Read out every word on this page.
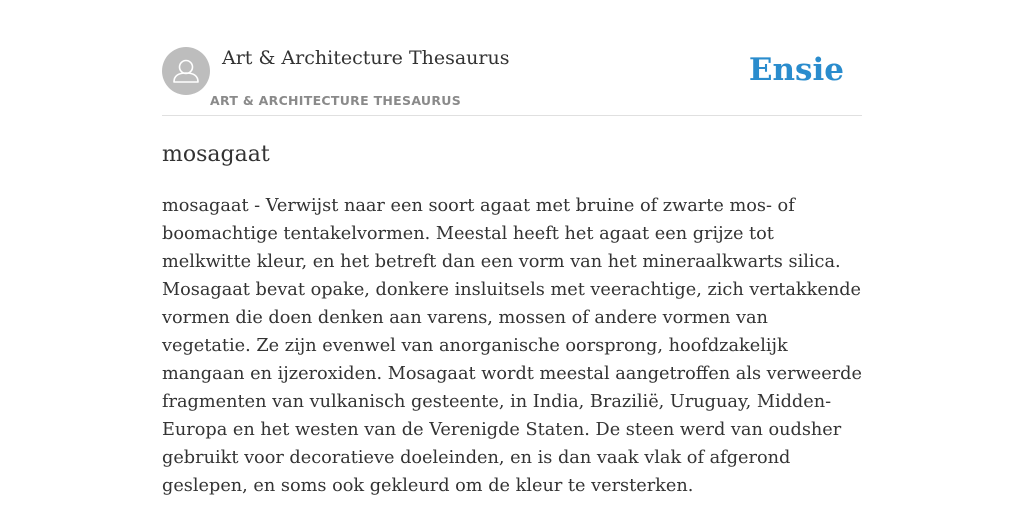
Art & Architecture Thesaurus
ART & ARCHITECTURE THESAURUS
Ensie
mosagaat

mosagaat - Verwijst naar een soort agaat met bruine of zwarte mos- of boomachtige tentakelvormen. Meestal heeft het agaat een grijze tot melkwitte kleur, en het betreft dan een vorm van het mineraalkwarts silica. Mosagaat bevat opake, donkere insluitsels met veerachtige, zich vertakkende vormen die doen denken aan varens, mossen of andere vormen van vegetatie. Ze zijn evenwel van anorganische oorsprong, hoofdzakelijk mangaan en ijzeroxiden. Mosagaat wordt meestal aangetroffen als verweerde fragmenten van vulkanisch gesteente, in India, Brazilië, Uruguay, Midden-Europa en het westen van de Verenigde Staten. De steen werd van oudsher gebruikt voor decoratieve doeleinden, en is dan vaak vlak of afgerond geslepen, en soms ook gekleurd om de kleur te versterken.
